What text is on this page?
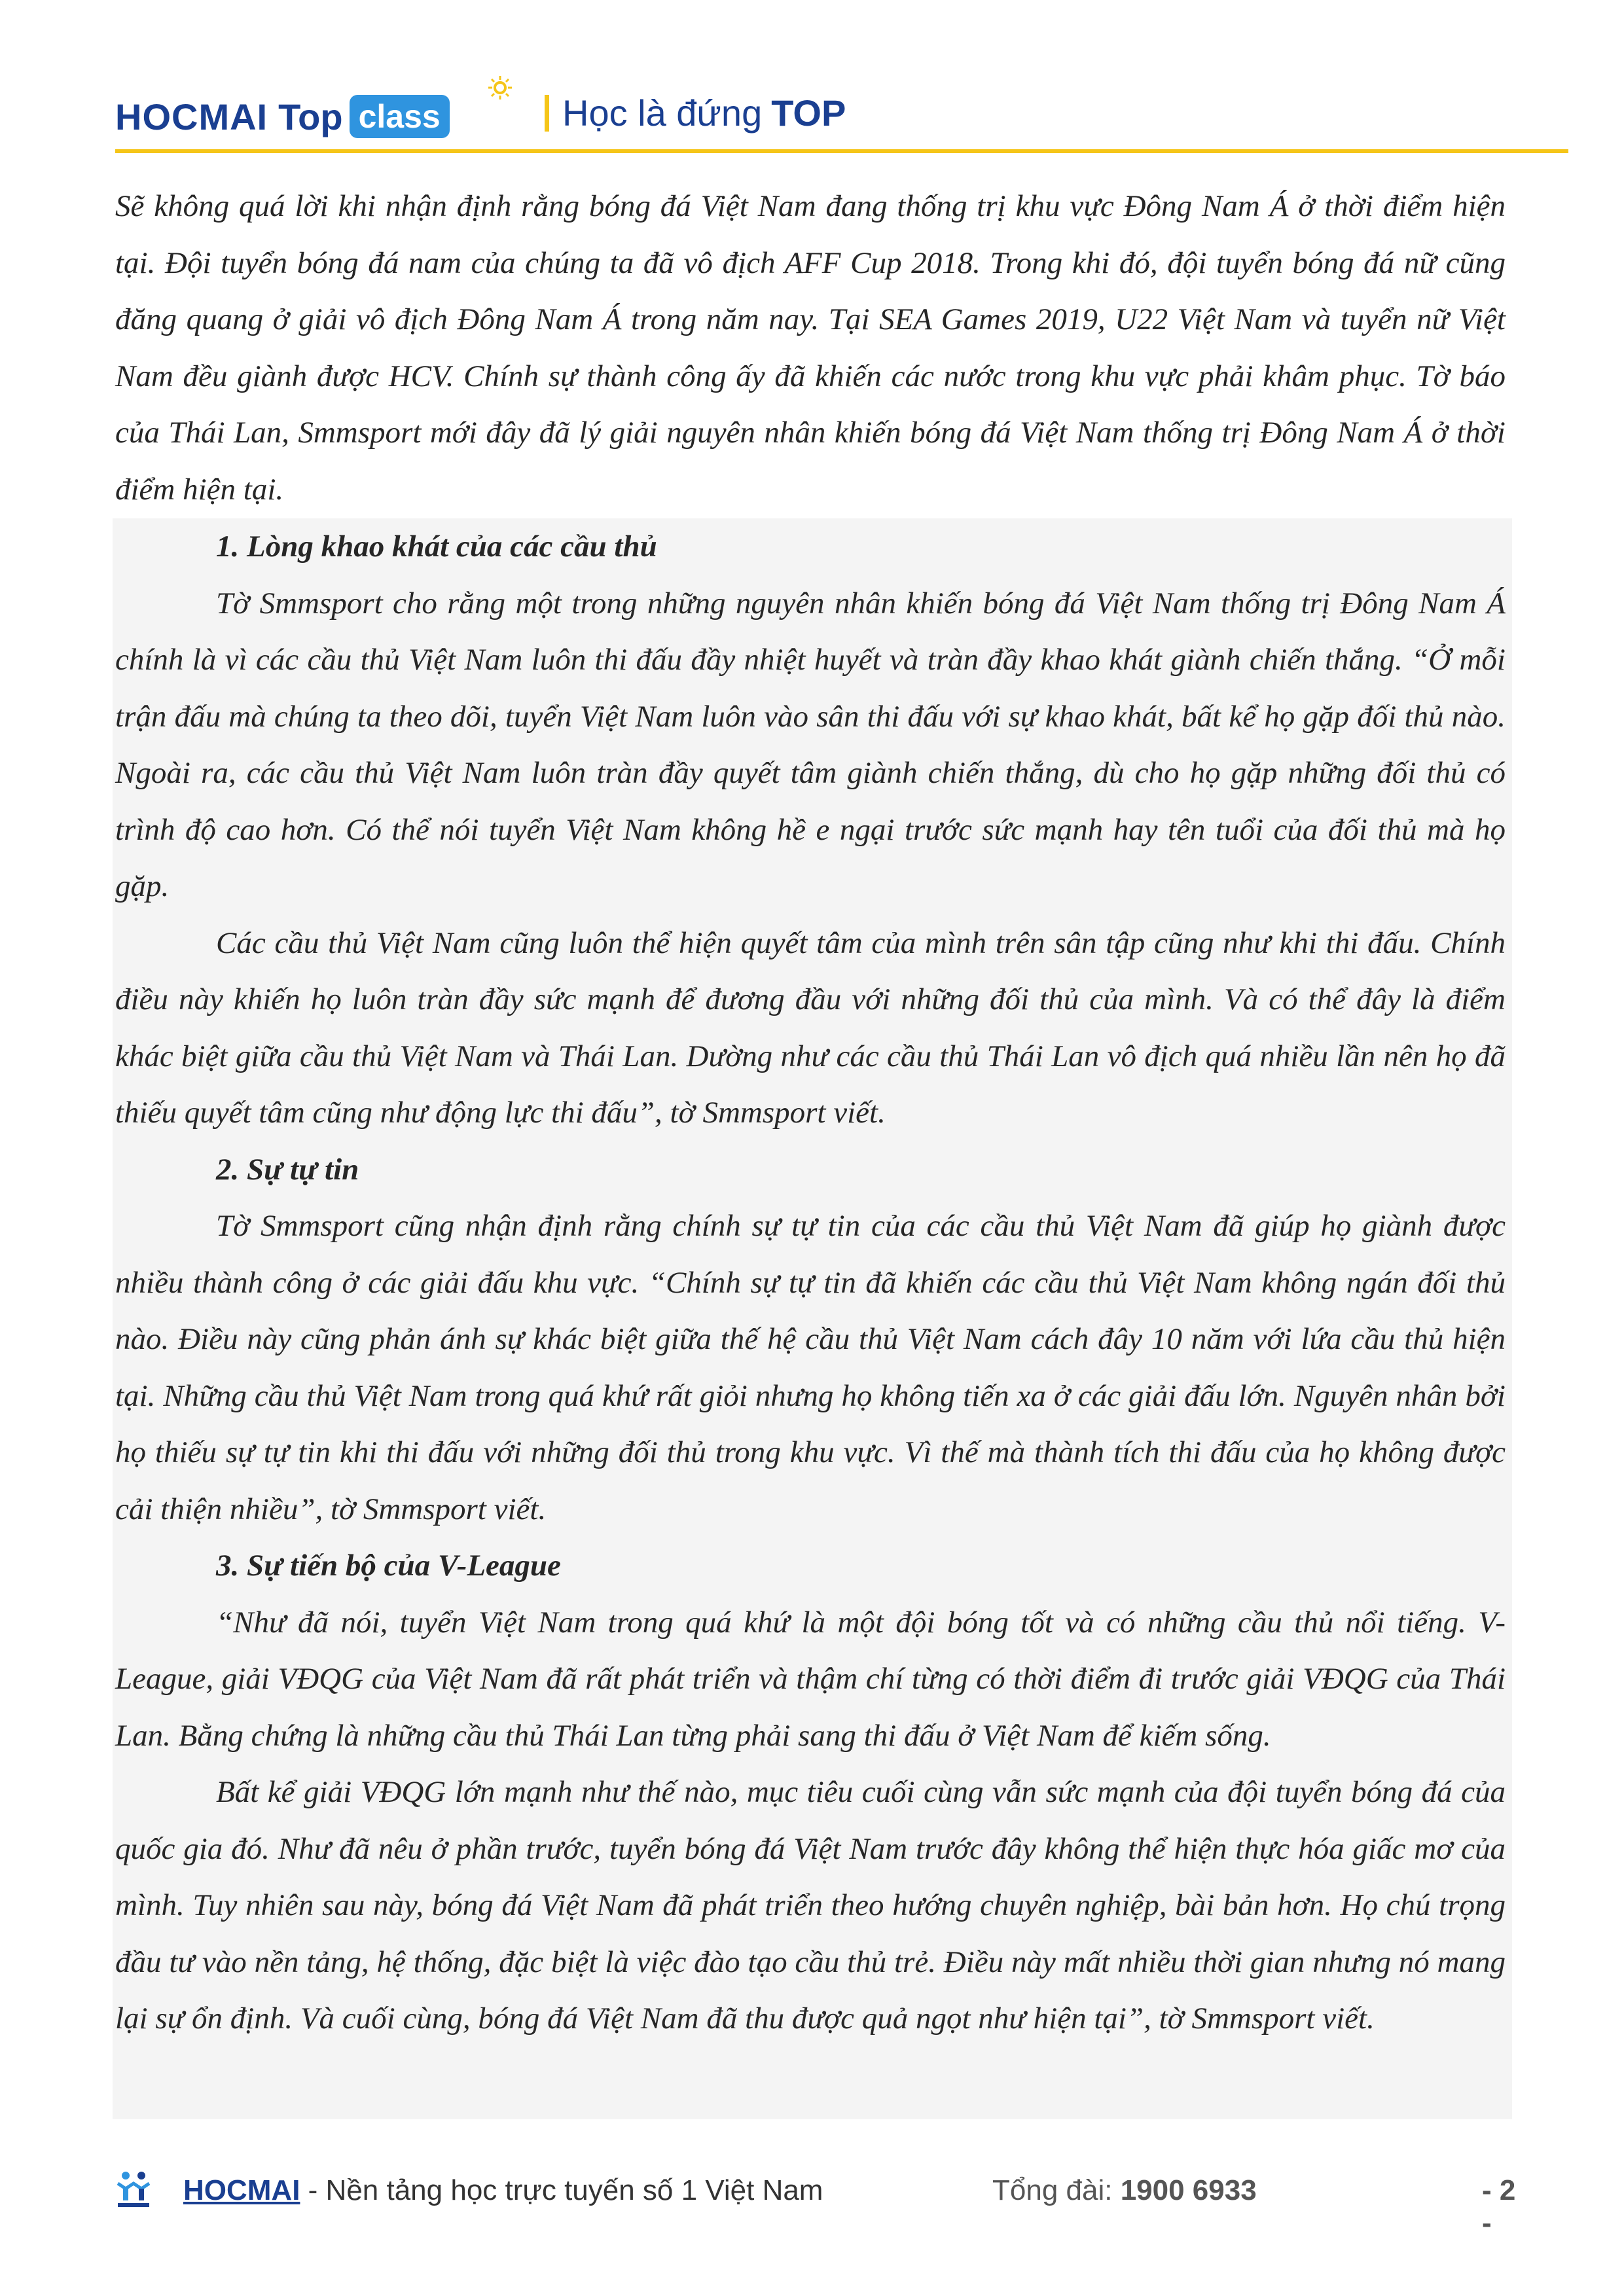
HOCMAI Top class	Học là đứng TOP

Sẽ không quá lời khi nhận định rằng bóng đá Việt Nam đang thống trị khu vực Đông Nam Á ở thời điểm hiện tại. Đội tuyển bóng đá nam của chúng ta đã vô địch AFF Cup 2018. Trong khi đó, đội tuyển bóng đá nữ cũng đăng quang ở giải vô địch Đông Nam Á trong năm nay. Tại SEA Games 2019, U22 Việt Nam và tuyển nữ Việt Nam đều giành được HCV. Chính sự thành công ấy đã khiến các nước trong khu vực phải khâm phục. Tờ báo của Thái Lan, Smmsport mới đây đã lý giải nguyên nhân khiến bóng đá Việt Nam thống trị Đông Nam Á ở thời điểm hiện tại.

1. Lòng khao khát của các cầu thủ

Tờ Smmsport cho rằng một trong những nguyên nhân khiến bóng đá Việt Nam thống trị Đông Nam Á chính là vì các cầu thủ Việt Nam luôn thi đấu đầy nhiệt huyết và tràn đầy khao khát giành chiến thắng. “Ở mỗi trận đấu mà chúng ta theo dõi, tuyển Việt Nam luôn vào sân thi đấu với sự khao khát, bất kể họ gặp đối thủ nào. Ngoài ra, các cầu thủ Việt Nam luôn tràn đầy quyết tâm giành chiến thắng, dù cho họ gặp những đối thủ có trình độ cao hơn. Có thể nói tuyển Việt Nam không hề e ngại trước sức mạnh hay tên tuổi của đối thủ mà họ gặp.

Các cầu thủ Việt Nam cũng luôn thể hiện quyết tâm của mình trên sân tập cũng như khi thi đấu. Chính điều này khiến họ luôn tràn đầy sức mạnh để đương đầu với những đối thủ của mình. Và có thể đây là điểm khác biệt giữa cầu thủ Việt Nam và Thái Lan. Dường như các cầu thủ Thái Lan vô địch quá nhiều lần nên họ đã thiếu quyết tâm cũng như động lực thi đấu”, tờ Smmsport viết.

2. Sự tự tin

Tờ Smmsport cũng nhận định rằng chính sự tự tin của các cầu thủ Việt Nam đã giúp họ giành được nhiều thành công ở các giải đấu khu vực. “Chính sự tự tin đã khiến các cầu thủ Việt Nam không ngán đối thủ nào. Điều này cũng phản ánh sự khác biệt giữa thế hệ cầu thủ Việt Nam cách đây 10 năm với lứa cầu thủ hiện tại. Những cầu thủ Việt Nam trong quá khứ rất giỏi nhưng họ không tiến xa ở các giải đấu lớn. Nguyên nhân bởi họ thiếu sự tự tin khi thi đấu với những đối thủ trong khu vực. Vì thế mà thành tích thi đấu của họ không được cải thiện nhiều”, tờ Smmsport viết.

3. Sự tiến bộ của V-League

“Như đã nói, tuyển Việt Nam trong quá khứ là một đội bóng tốt và có những cầu thủ nổi tiếng. V-League, giải VĐQG của Việt Nam đã rất phát triển và thậm chí từng có thời điểm đi trước giải VĐQG của Thái Lan. Bằng chứng là những cầu thủ Thái Lan từng phải sang thi đấu ở Việt Nam để kiếm sống.

Bất kể giải VĐQG lớn mạnh như thế nào, mục tiêu cuối cùng vẫn sức mạnh của đội tuyển bóng đá của quốc gia đó. Như đã nêu ở phần trước, tuyển bóng đá Việt Nam trước đây không thể hiện thực hóa giấc mơ của mình. Tuy nhiên sau này, bóng đá Việt Nam đã phát triển theo hướng chuyên nghiệp, bài bản hơn. Họ chú trọng đầu tư vào nền tảng, hệ thống, đặc biệt là việc đào tạo cầu thủ trẻ. Điều này mất nhiều thời gian nhưng nó mang lại sự ổn định. Và cuối cùng, bóng đá Việt Nam đã thu được quả ngọt như hiện tại”, tờ Smmsport viết.

HOCMAI - Nền tảng học trực tuyến số 1 Việt Nam	Tổng đài: 1900 6933	- 2 -
